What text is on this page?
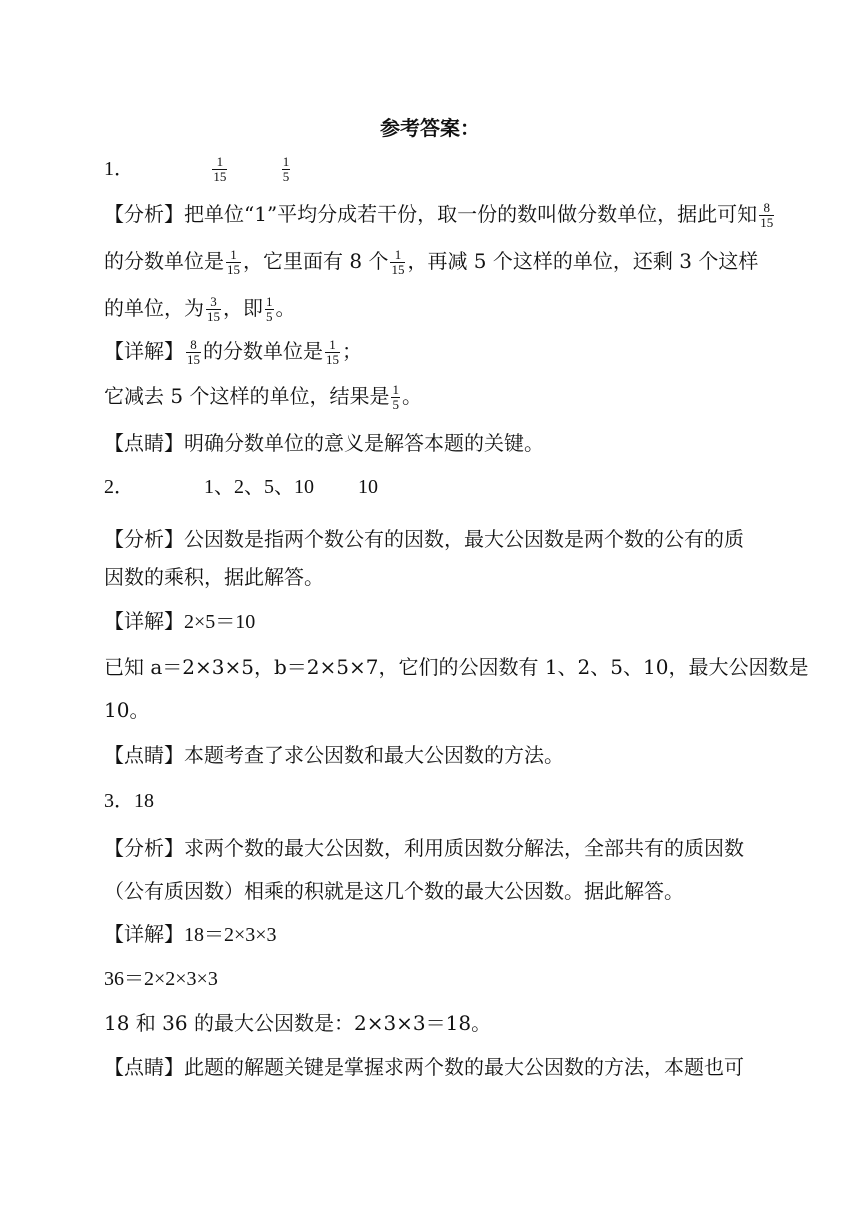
参考答案：
1．	$\frac{1}{15}$
	$\frac{1}{5}$
【分析】把单位“1”平均分成若干份，取一份的数叫做分数单位，据此可知 $\frac{8}{15}$
的分数单位是 $\frac{1}{15}$ ，它里面有 8 个 $\frac{1}{15}$ ，再减 5 个这样的单位，还剩 3 个这样
的单位，为 $\frac{3}{15}$ ，即 $\frac{1}{5}$ 。
【详解】 $\frac{8}{15}$ 的分数单位是 $\frac{1}{15}$ ；
它减去 5 个这样的单位，结果是 $\frac{1}{5}$ 。
【点睛】明确分数单位的意义是解答本题的关键。
2．	1、2、5、10 10
【分析】公因数是指两个数公有的因数，最大公因数是两个数的公有的质
因数的乘积，据此解答。
【详解】2×5＝10
已知 a＝2×3×5，b＝2×5×7，它们的公因数有 1、2、5、10，最大公因数是
10。
【点睛】本题考查了求公因数和最大公因数的方法。
3．18
【分析】求两个数的最大公因数，利用质因数分解法，全部共有的质因数
（公有质因数）相乘的积就是这几个数的最大公因数。据此解答。
【详解】18＝2×3×3
36＝2×2×3×3
18 和 36 的最大公因数是：2×3×3＝18。
【点睛】此题的解题关键是掌握求两个数的最大公因数的方法，本题也可
